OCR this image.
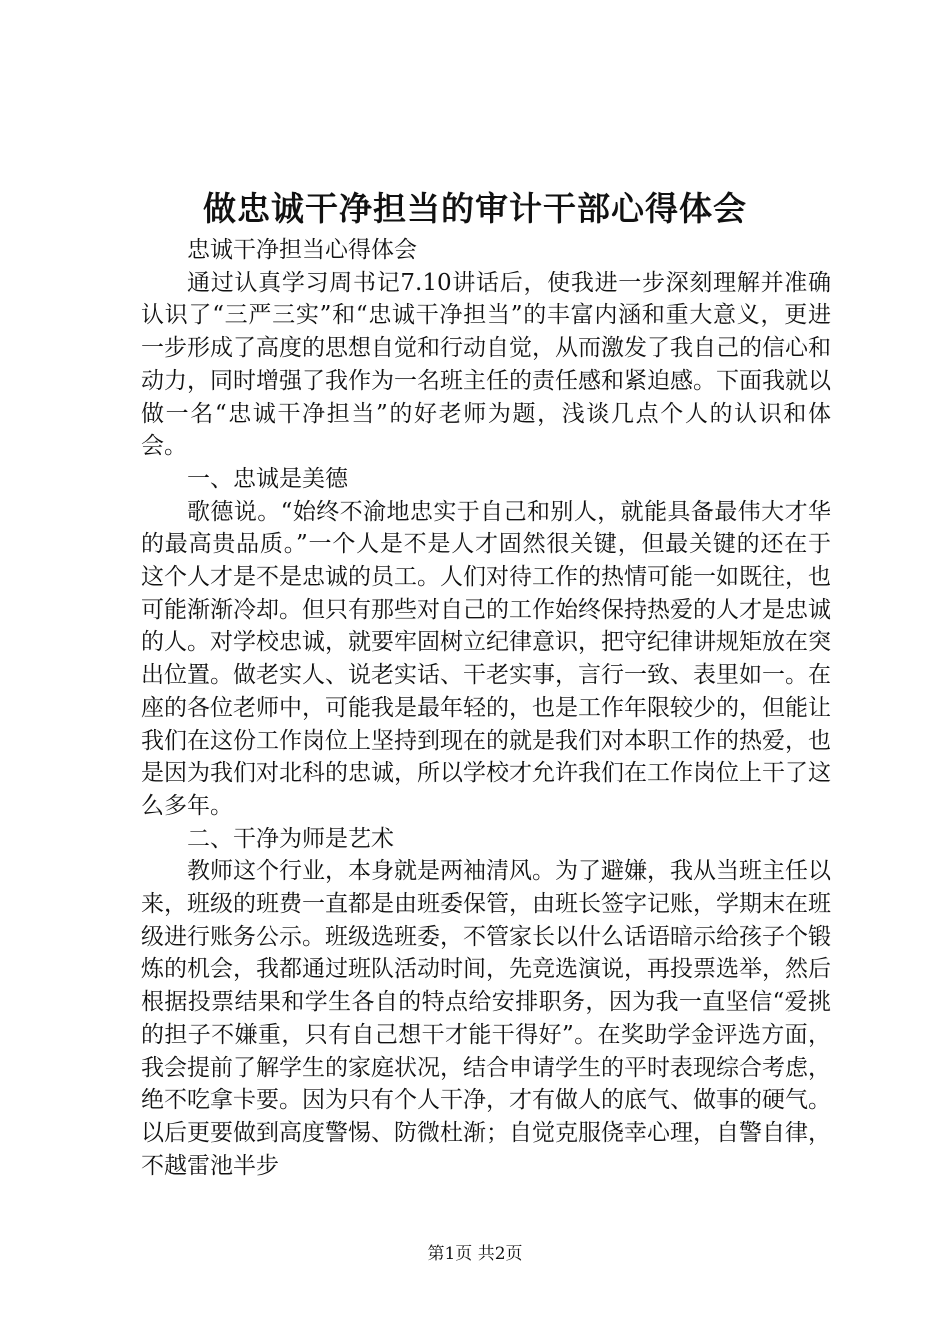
做忠诚干净担当的审计干部心得体会

忠诚干净担当心得体会

通过认真学习周书记7.10讲话后，使我进一步深刻理解并准确认识了“三严三实”和“忠诚干净担当”的丰富内涵和重大意义，更进一步形成了高度的思想自觉和行动自觉，从而激发了我自己的信心和动力，同时增强了我作为一名班主任的责任感和紧迫感。下面我就以做一名“忠诚干净担当”的好老师为题，浅谈几点个人的认识和体会。

一、忠诚是美德

歌德说。“始终不渝地忠实于自己和别人，就能具备最伟大才华的最高贵品质。”一个人是不是人才固然很关键，但最关键的还在于这个人才是不是忠诚的员工。人们对待工作的热情可能一如既往，也可能渐渐冷却。但只有那些对自己的工作始终保持热爱的人才是忠诚的人。对学校忠诚，就要牢固树立纪律意识，把守纪律讲规矩放在突出位置。做老实人、说老实话、干老实事，言行一致、表里如一。在座的各位老师中，可能我是最年轻的，也是工作年限较少的，但能让我们在这份工作岗位上坚持到现在的就是我们对本职工作的热爱，也是因为我们对北科的忠诚，所以学校才允许我们在工作岗位上干了这么多年。

二、干净为师是艺术

教师这个行业，本身就是两袖清风。为了避嫌，我从当班主任以来，班级的班费一直都是由班委保管，由班长签字记账，学期末在班级进行账务公示。班级选班委，不管家长以什么话语暗示给孩子个锻炼的机会，我都通过班队活动时间，先竞选演说，再投票选举，然后根据投票结果和学生各自的特点给安排职务，因为我一直坚信“爱挑的担子不嫌重，只有自己想干才能干得好”。在奖助学金评选方面，我会提前了解学生的家庭状况，结合申请学生的平时表现综合考虑，绝不吃拿卡要。因为只有个人干净，才有做人的底气、做事的硬气。以后更要做到高度警惕、防微杜渐；自觉克服侥幸心理，自警自律，不越雷池半步

第1页 共2页
